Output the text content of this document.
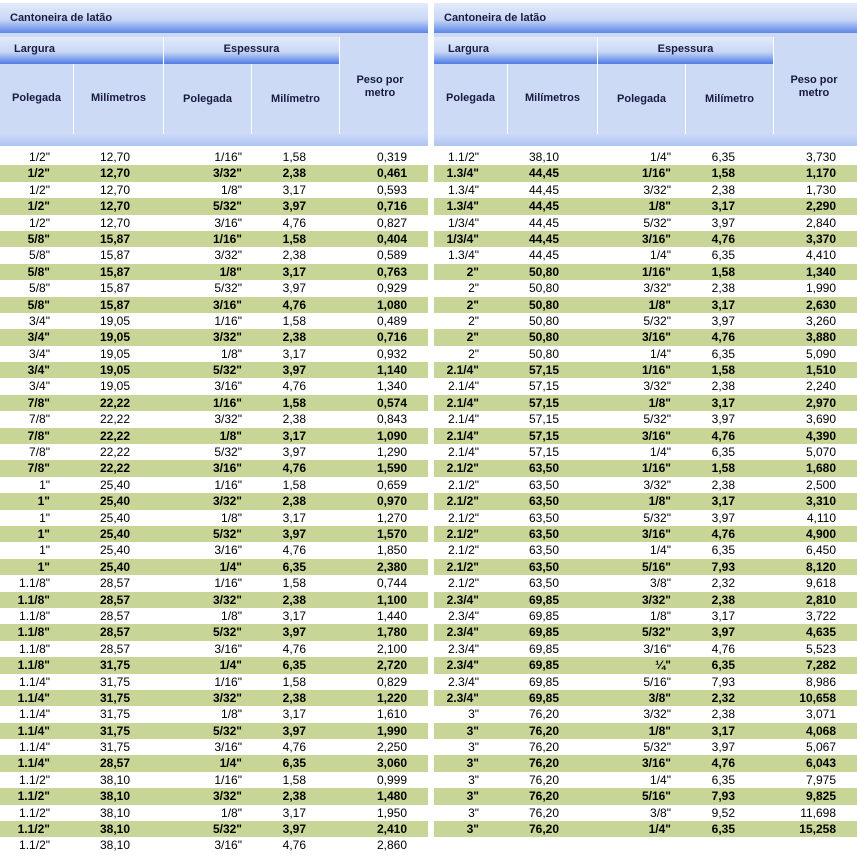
Cantoneira de latão
Largura	Espessura
Polegada	Milímetros	Polegada	Milímetro
Peso por metro
1/2"	12,70	1/16"	1,58	0,319
1/2"	12,70	3/32"	2,38	0,461
1/2"	12,70	1/8"	3,17	0,593
1/2"	12,70	5/32"	3,97	0,716
1/2"	12,70	3/16"	4,76	0,827
5/8"	15,87	1/16"	1,58	0,404
5/8"	15,87	3/32"	2,38	0,589
5/8"	15,87	1/8"	3,17	0,763
5/8"	15,87	5/32"	3,97	0,929
5/8"	15,87	3/16"	4,76	1,080
3/4"	19,05	1/16"	1,58	0,489
3/4"	19,05	3/32"	2,38	0,716
3/4"	19,05	1/8"	3,17	0,932
3/4"	19,05	5/32"	3,97	1,140
3/4"	19,05	3/16"	4,76	1,340
7/8"	22,22	1/16"	1,58	0,574
7/8"	22,22	3/32"	2,38	0,843
7/8"	22,22	1/8"	3,17	1,090
7/8"	22,22	5/32"	3,97	1,290
7/8"	22,22	3/16"	4,76	1,590
1"	25,40	1/16"	1,58	0,659
1"	25,40	3/32"	2,38	0,970
1"	25,40	1/8"	3,17	1,270
1"	25,40	5/32"	3,97	1,570
1"	25,40	3/16"	4,76	1,850
1"	25,40	1/4"	6,35	2,380
1.1/8"	28,57	1/16"	1,58	0,744
1.1/8"	28,57	3/32"	2,38	1,100
1.1/8"	28,57	1/8"	3,17	1,440
1.1/8"	28,57	5/32"	3,97	1,780
1.1/8"	28,57	3/16"	4,76	2,100
1.1/8"	31,75	1/4"	6,35	2,720
1.1/4"	31,75	1/16"	1,58	0,829
1.1/4"	31,75	3/32"	2,38	1,220
1.1/4"	31,75	1/8"	3,17	1,610
1.1/4"	31,75	5/32"	3,97	1,990
1.1/4"	31,75	3/16"	4,76	2,250
1.1/4"	28,57	1/4"	6,35	3,060
1.1/2"	38,10	1/16"	1,58	0,999
1.1/2"	38,10	3/32"	2,38	1,480
1.1/2"	38,10	1/8"	3,17	1,950
1.1/2"	38,10	5/32"	3,97	2,410
1.1/2"	38,10	3/16"	4,76	2,860
Cantoneira de latão
Largura	Espessura
Polegada	Milímetros	Polegada	Milímetro
Peso por metro
1.1/2"	38,10	1/4"	6,35	3,730
1.3/4"	44,45	1/16"	1,58	1,170
1.3/4"	44,45	3/32"	2,38	1,730
1.3/4"	44,45	1/8"	3,17	2,290
1/3/4"	44,45	5/32"	3,97	2,840
1/3/4"	44,45	3/16"	4,76	3,370
1.3/4"	44,45	1/4"	6,35	4,410
2"	50,80	1/16"	1,58	1,340
2"	50,80	3/32"	2,38	1,990
2"	50,80	1/8"	3,17	2,630
2"	50,80	5/32"	3,97	3,260
2"	50,80	3/16"	4,76	3,880
2"	50,80	1/4"	6,35	5,090
2.1/4"	57,15	1/16"	1,58	1,510
2.1/4"	57,15	3/32"	2,38	2,240
2.1/4"	57,15	1/8"	3,17	2,970
2.1/4"	57,15	5/32"	3,97	3,690
2.1/4"	57,15	3/16"	4,76	4,390
2.1/4"	57,15	1/4"	6,35	5,070
2.1/2"	63,50	1/16"	1,58	1,680
2.1/2"	63,50	3/32"	2,38	2,500
2.1/2"	63,50	1/8"	3,17	3,310
2.1/2"	63,50	5/32"	3,97	4,110
2.1/2"	63,50	3/16"	4,76	4,900
2.1/2"	63,50	1/4"	6,35	6,450
2.1/2"	63,50	5/16"	7,93	8,120
2.1/2"	63,50	3/8"	2,32	9,618
2.3/4"	69,85	3/32"	2,38	2,810
2.3/4"	69,85	1/8"	3,17	3,722
2.3/4"	69,85	5/32"	3,97	4,635
2.3/4"	69,85	3/16"	4,76	5,523
2.3/4"	69,85	¼"	6,35	7,282
2.3/4"	69,85	5/16"	7,93	8,986
2.3/4"	69,85	3/8"	2,32	10,658
3"	76,20	3/32"	2,38	3,071
3"	76,20	1/8"	3,17	4,068
3"	76,20	5/32"	3,97	5,067
3"	76,20	3/16"	4,76	6,043
3"	76,20	1/4"	6,35	7,975
3"	76,20	5/16"	7,93	9,825
3"	76,20	3/8"	9,52	11,698
3"	76,20	1/4"	6,35	15,258
